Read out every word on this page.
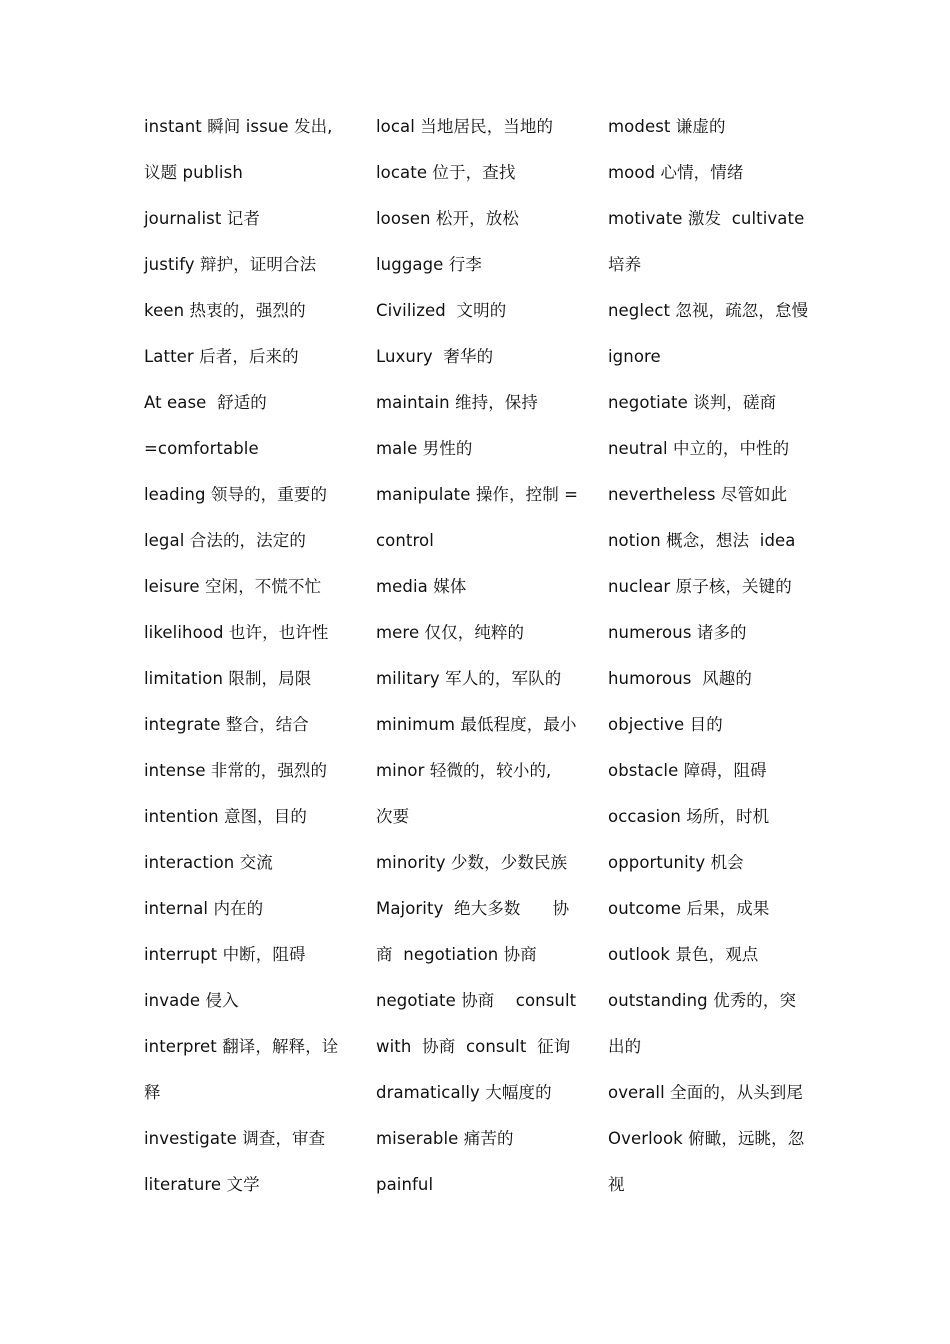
instant 瞬间 issue 发出,
议题 publish
journalist 记者
justify 辩护，证明合法
keen 热衷的，强烈的
Latter 后者，后来的
At ease  舒适的
=comfortable
leading 领导的，重要的
legal 合法的，法定的
leisure 空闲，不慌不忙
likelihood 也许，也许性
limitation 限制，局限
integrate 整合，结合
intense 非常的，强烈的
intention 意图，目的
interaction 交流
internal 内在的
interrupt 中断，阻碍
invade 侵入
interpret 翻译，解释，诠
释
investigate 调查，审查
literature 文学
local 当地居民，当地的
locate 位于，查找
loosen 松开，放松
luggage 行李
Civilized  文明的
Luxury  奢华的
maintain 维持，保持
male 男性的
manipulate 操作，控制 =
control
media 媒体
mere 仅仅，纯粹的
military 军人的，军队的
minimum 最低程度，最小
minor 轻微的，较小的,
次要
minority 少数，少数民族
Majority  绝大多数      协
商  negotiation 协商
negotiate 协商    consult
with  协商  consult  征询
dramatically 大幅度的
miserable 痛苦的
painful
modest 谦虚的
mood 心情，情绪
motivate 激发  cultivate
培养
neglect 忽视，疏忽，怠慢
ignore
negotiate 谈判，磋商
neutral 中立的，中性的
nevertheless 尽管如此
notion 概念，想法  idea
nuclear 原子核，关键的
numerous 诸多的
humorous  风趣的
objective 目的
obstacle 障碍，阻碍
occasion 场所，时机
opportunity 机会
outcome 后果，成果
outlook 景色，观点
outstanding 优秀的，突
出的
overall 全面的，从头到尾
Overlook 俯瞰，远眺，忽
视
